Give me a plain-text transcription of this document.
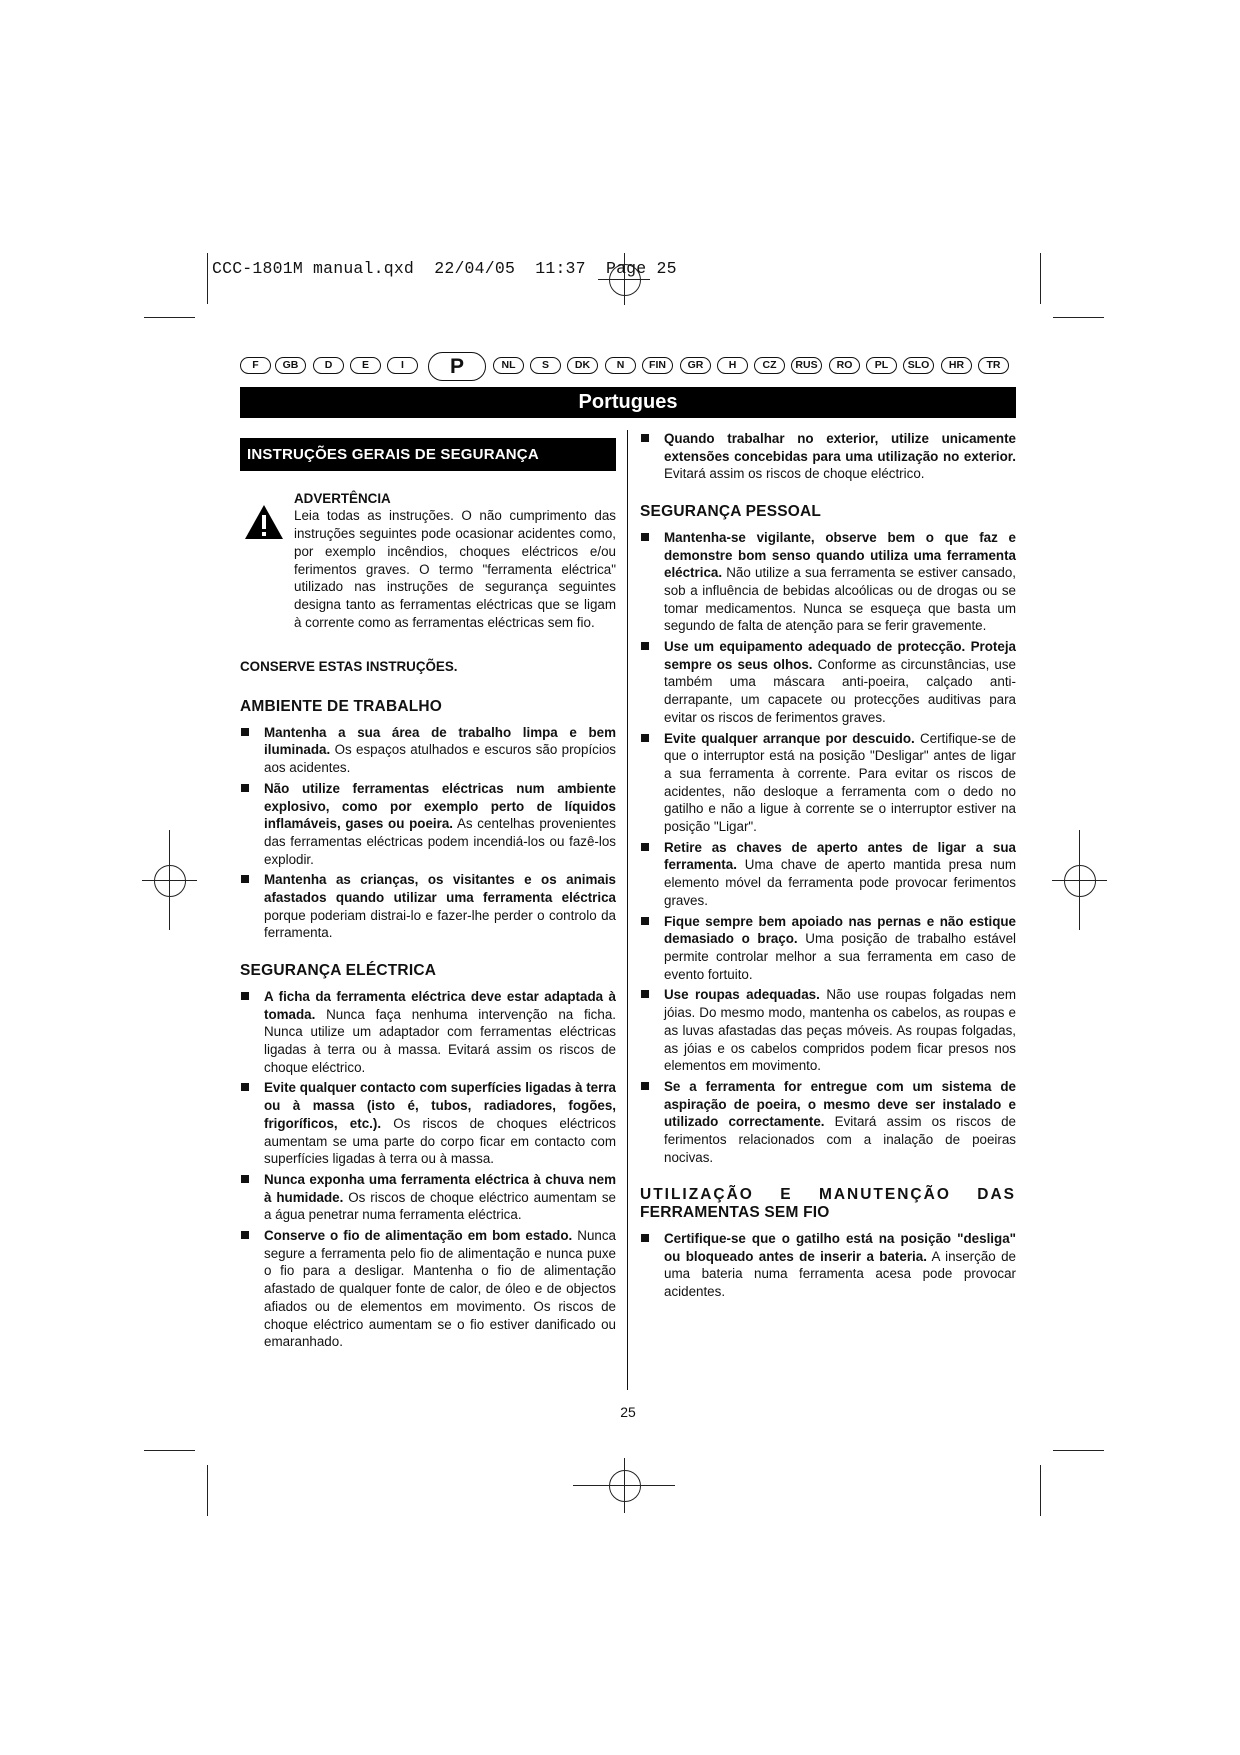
CCC-1801M manual.qxd  22/04/05  11:37  Page 25
F	GB	D	E	I	P	NL	S	DK	N	FIN	GR	H	CZ	RUS	RO	PL	SLO	HR	TR
Portugues
INSTRUÇÕES GERAIS DE SEGURANÇA
ADVERTÊNCIA
Leia todas as instruções. O não cumprimento das instruções seguintes pode ocasionar acidentes como, por exemplo incêndios, choques eléctricos e/ou ferimentos graves. O termo "ferramenta eléctrica" utilizado nas instruções de segurança seguintes designa tanto as ferramentas eléctricas que se ligam à corrente como as ferramentas eléctricas sem fio.
CONSERVE ESTAS INSTRUÇÕES.
AMBIENTE DE TRABALHO
Mantenha a sua área de trabalho limpa e bem iluminada. Os espaços atulhados e escuros são propícios aos acidentes.
Não utilize ferramentas eléctricas num ambiente explosivo, como por exemplo perto de líquidos inflamáveis, gases ou poeira. As centelhas provenientes das ferramentas eléctricas podem incendiá-los ou fazê-los explodir.
Mantenha as crianças, os visitantes e os animais afastados quando utilizar uma ferramenta eléctrica porque poderiam distrai-lo e fazer-lhe perder o controlo da ferramenta.
SEGURANÇA ELÉCTRICA
A ficha da ferramenta eléctrica deve estar adaptada à tomada. Nunca faça nenhuma intervenção na ficha. Nunca utilize um adaptador com ferramentas eléctricas ligadas à terra ou à massa. Evitará assim os riscos de choque eléctrico.
Evite qualquer contacto com superfícies ligadas à terra ou à massa (isto é, tubos, radiadores, fogões, frigoríficos, etc.). Os riscos de choques eléctricos aumentam se uma parte do corpo ficar em contacto com superfícies ligadas à terra ou à massa.
Nunca exponha uma ferramenta eléctrica à chuva nem à humidade. Os riscos de choque eléctrico aumentam se a água penetrar numa ferramenta eléctrica.
Conserve o fio de alimentação em bom estado. Nunca segure a ferramenta pelo fio de alimentação e nunca puxe o fio para a desligar. Mantenha o fio de alimentação afastado de qualquer fonte de calor, de óleo e de objectos afiados ou de elementos em movimento. Os riscos de choque eléctrico aumentam se o fio estiver danificado ou emaranhado.
Quando trabalhar no exterior, utilize unicamente extensões concebidas para uma utilização no exterior. Evitará assim os riscos de choque eléctrico.
SEGURANÇA PESSOAL
Mantenha-se vigilante, observe bem o que faz e demonstre bom senso quando utiliza uma ferramenta eléctrica. Não utilize a sua ferramenta se estiver cansado, sob a influência de bebidas alcoólicas ou de drogas ou se tomar medicamentos. Nunca se esqueça que basta um segundo de falta de atenção para se ferir gravemente.
Use um equipamento adequado de protecção. Proteja sempre os seus olhos. Conforme as circunstâncias, use também uma máscara anti-poeira, calçado anti-derrapante, um capacete ou protecções auditivas para evitar os riscos de ferimentos graves.
Evite qualquer arranque por descuido. Certifique-se de que o interruptor está na posição "Desligar" antes de ligar a sua ferramenta à corrente. Para evitar os riscos de acidentes, não desloque a ferramenta com o dedo no gatilho e não a ligue à corrente se o interruptor estiver na posição "Ligar".
Retire as chaves de aperto antes de ligar a sua ferramenta. Uma chave de aperto mantida presa num elemento móvel da ferramenta pode provocar ferimentos graves.
Fique sempre bem apoiado nas pernas e não estique demasiado o braço. Uma posição de trabalho estável permite controlar melhor a sua ferramenta em caso de evento fortuito.
Use roupas adequadas. Não use roupas folgadas nem jóias. Do mesmo modo, mantenha os cabelos, as roupas e as luvas afastadas das peças móveis. As roupas folgadas, as jóias e os cabelos compridos podem ficar presos nos elementos em movimento.
Se a ferramenta for entregue com um sistema de aspiração de poeira, o mesmo deve ser instalado e utilizado correctamente. Evitará assim os riscos de ferimentos relacionados com a inalação de poeiras nocivas.
UTILIZAÇÃO E MANUTENÇÃO DAS
FERRAMENTAS SEM FIO
Certifique-se que o gatilho está na posição "desliga" ou bloqueado antes de inserir a bateria. A inserção de uma bateria numa ferramenta acesa pode provocar acidentes.
25
